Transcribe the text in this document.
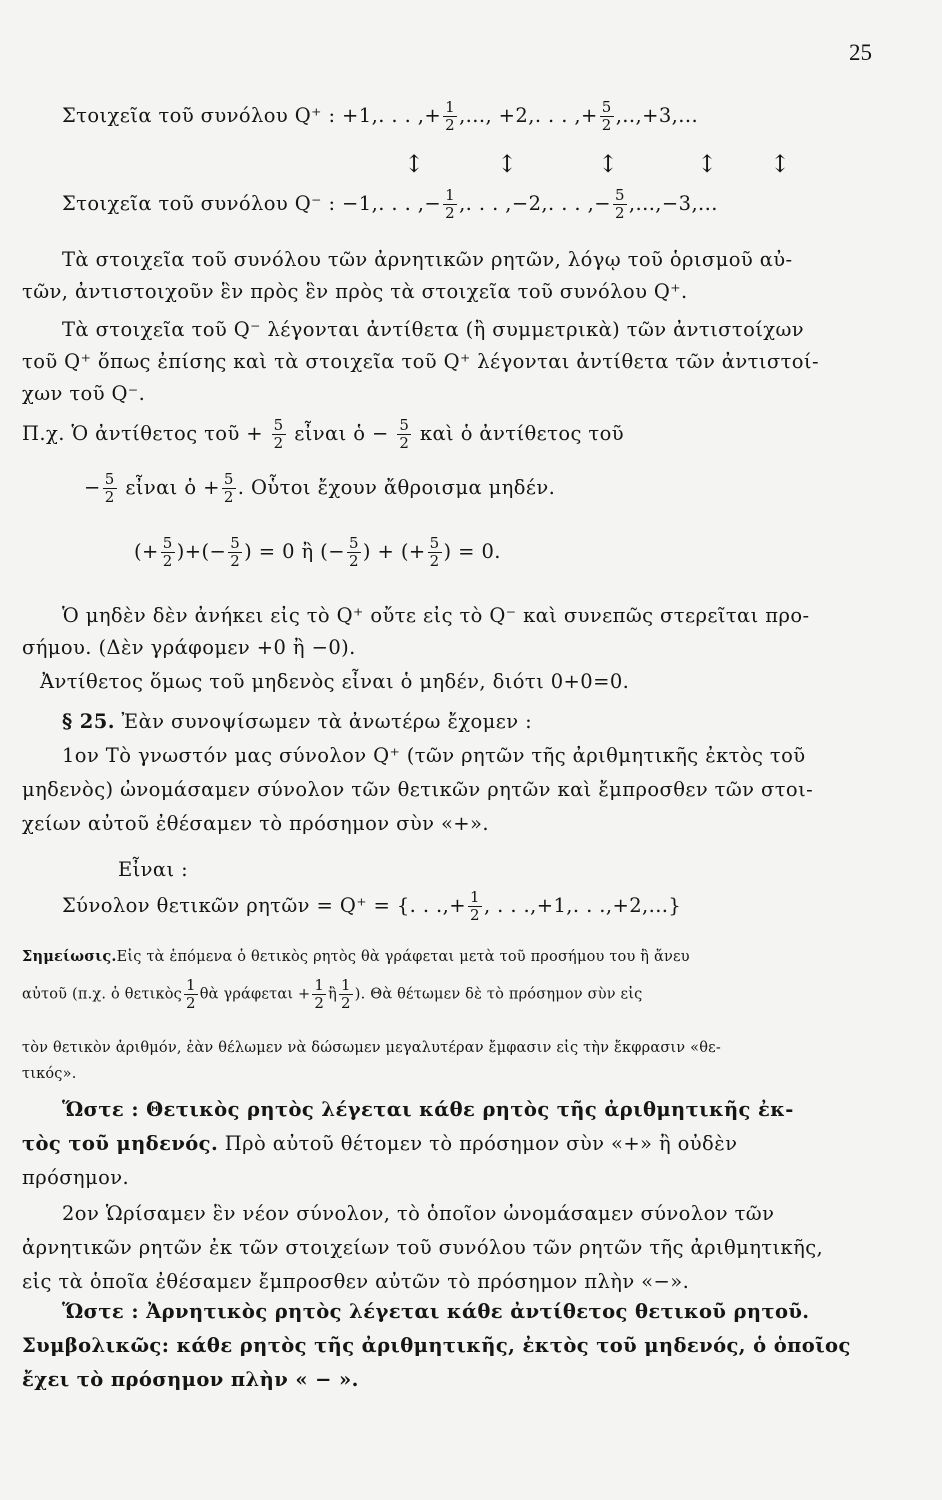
25
Στοιχεῖα τοῦ συνόλου Q⁺ : +1,. . . ,+ $\frac{1}{2}$ ,..., +2,. . . ,+ $\frac{5}{2} ,..,+3$,...
↕	↕	↕	↕ ↕
Στοιχεῖα τοῦ συνόλου Q⁻ : −1,. . . ,− $\frac{1}{2}$ ,. . . ,−2,. . . ,− $\frac{5}{2} ,...,-3$,...
Τὰ στοιχεῖα τοῦ συνόλου τῶν ἀρνητικῶν ρητῶν, λόγῳ τοῦ ὁρισμοῦ αὐ-
τῶν, ἀντιστοιχοῦν ἓν πρὸς ἓν πρὸς τὰ στοιχεῖα τοῦ συνόλου Q⁺.
Τὰ στοιχεῖα τοῦ Q⁻ λέγονται ἀντίθετα (ἢ συμμετρικὰ) τῶν ἀντιστοίχων
τοῦ Q⁺ ὅπως ἐπίσης καὶ τὰ στοιχεῖα τοῦ Q⁺ λέγονται ἀντίθετα τῶν ἀντιστοί-
χων τοῦ Q⁻.
Π.χ. Ὁ ἀντίθετος τοῦ + $\frac{5}{2}$ εἶναι ὁ − $\frac{5}{2}$ καὶ ὁ ἀντίθετος τοῦ
− $\frac{5}{2}$ εἶναι ὁ + $\frac{5}{2}$ . Οὗτοι ἔχουν ἄθροισμα μηδέν.
(+ $\frac{5}{2}$ )+(− $\frac{5}{2}$ ) = 0 ἢ (− $\frac{5}{2}$ ) + (+ $\frac{5}{2}$ ) = 0.
Ὁ μηδὲν δὲν ἀνήκει εἰς τὸ Q⁺ οὔτε εἰς τὸ Q⁻ καὶ συνεπῶς στερεῖται προ-
σήμου. (Δὲν γράφομεν +0 ἢ −0).
Ἀντίθετος ὅμως τοῦ μηδενὸς εἶναι ὁ μηδέν, διότι 0+0=0.
§ 25. Ἐὰν συνοψίσωμεν τὰ ἀνωτέρω ἔχομεν :
1ον Τὸ γνωστόν μας σύνολον Q⁺ (τῶν ρητῶν τῆς ἀριθμητικῆς ἐκτὸς τοῦ
μηδενὸς) ὠνομάσαμεν σύνολον τῶν θετικῶν ρητῶν καὶ ἔμπροσθεν τῶν στοι-
χείων αὐτοῦ ἐθέσαμεν τὸ πρόσημον σὺν «+».
Εἶναι :
Σύνολον θετικῶν ρητῶν = Q⁺ = {. . .,+ $\frac{1}{2}$ , . . .,+1,. . .,+2,...}
Σημείωσις.Εἰς τὰ ἑπόμενα ὁ θετικὸς ρητὸς θὰ γράφεται μετὰ τοῦ προσήμου του ἢ ἄνευ
αὐτοῦ (π.χ. ὁ θετικὸς $\frac{1}{2}$ θὰ $\gamma\rho ά\varphi\varepsilon\tau\alpha\iota + \frac{1}{2}$ ἢ $\frac{1}{2}$ ). Θὰ θέτωμεν δὲ τὸ πρόσημον σὺν εἰς
τὸν θετικὸν ἀριθμόν, ἐὰν θέλωμεν νὰ δώσωμεν μεγαλυτέραν ἔμφασιν εἰς τὴν ἔκφρασιν «θε-
τικός».
Ὥστε : Θετικὸς ρητὸς λέγεται κάθε ρητὸς τῆς ἀριθμητικῆς ἐκ-
τὸς τοῦ μηδενός. Πρὸ αὐτοῦ θέτομεν τὸ πρόσημον σὺν «+» ἢ οὐδὲν
πρόσημον.
2ον Ὡρίσαμεν ἓν νέον σύνολον, τὸ ὁποῖον ὠνομάσαμεν σύνολον τῶν
ἀρνητικῶν ρητῶν ἐκ τῶν στοιχείων τοῦ συνόλου τῶν ρητῶν τῆς ἀριθμητικῆς,
εἰς τὰ ὁποῖα ἐθέσαμεν ἔμπροσθεν αὐτῶν τὸ πρόσημον πλὴν «−».
Ὥστε : Ἀρνητικὸς ρητὸς λέγεται κάθε ἀντίθετος θετικοῦ ρητοῦ.
Συμβολικῶς: κάθε ρητὸς τῆς ἀριθμητικῆς, ἐκτὸς τοῦ μηδενός, ὁ ὁποῖος
ἔχει τὸ πρόσημον πλὴν « − ».
